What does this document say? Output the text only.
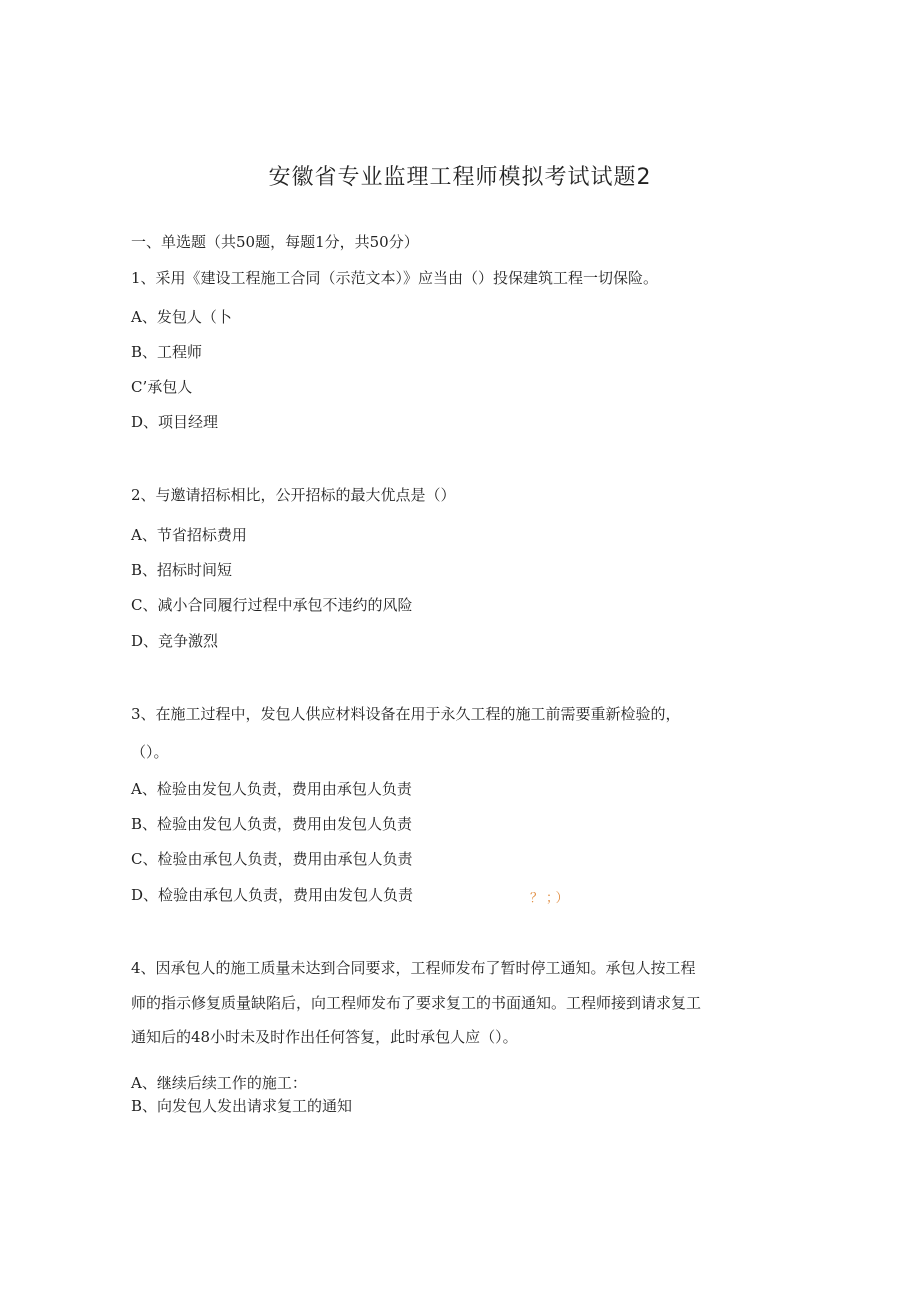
安徽省专业监理工程师模拟考试试题2
一、单选题（共50题，每题1分，共50分）
1、采用《建设工程施工合同（示范文本）》应当由（）投保建筑工程一切保险。
A、发包人（卜
B、工程师
C’承包人
D、项目经理
2、与邀请招标相比，公开招标的最大优点是（）
A、节省招标费用
B、招标时间短
C、减小合同履行过程中承包不违约的风险
D、竞争激烈
3、在施工过程中，发包人供应材料设备在用于永久工程的施工前需要重新检验的，
（）。
A、检验由发包人负责，费用由承包人负责
B、检验由发包人负责，费用由发包人负责
C、检验由承包人负责，费用由承包人负责
D、检验由承包人负责，费用由发包人负责	？；）
4、因承包人的施工质量未达到合同要求，工程师发布了暂时停工通知。承包人按工程
师的指示修复质量缺陷后，向工程师发布了要求复工的书面通知。工程师接到请求复工
通知后的48小时未及时作出任何答复，此时承包人应（）。
A、继续后续工作的施工：
B、向发包人发出请求复工的通知
